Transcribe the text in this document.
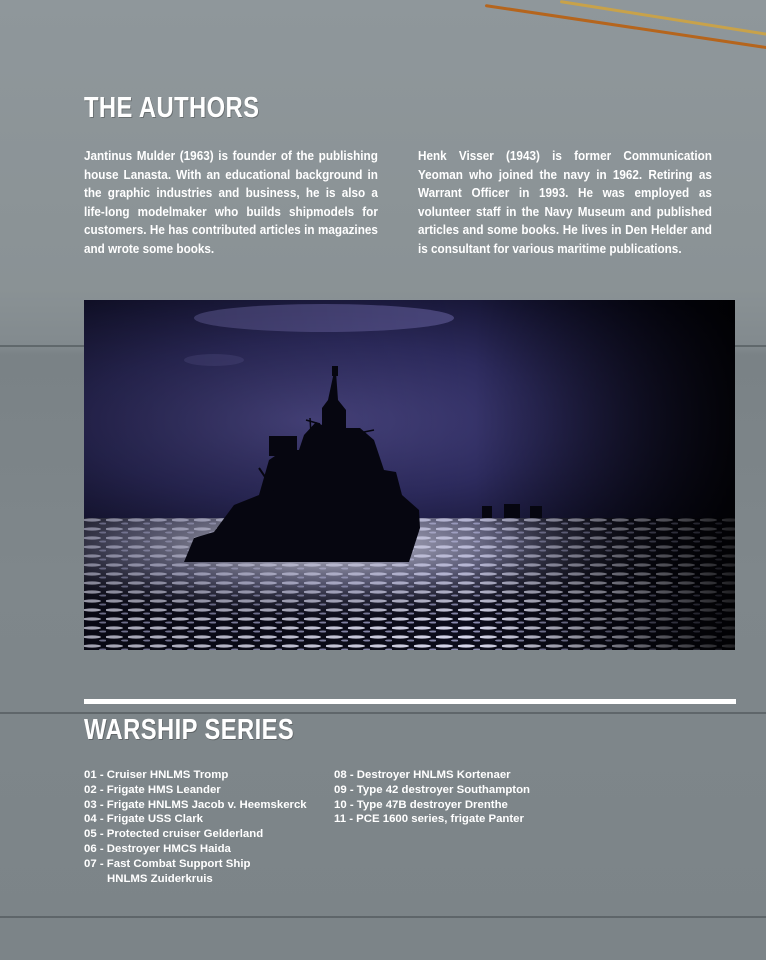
THE AUTHORS

Jantinus Mulder (1963) is founder of the publishing house Lanasta. With an educational background in the graphic industries and business, he is also a life-long modelmaker who builds shipmodels for customers. He has contributed articles in magazines and wrote some books.

Henk Visser (1943) is former Communication Yeoman who joined the navy in 1962. Retiring as Warrant Officer in 1993. He was employed as volunteer staff in the Navy Museum and published articles and some books. He lives in Den Helder and is consultant for various maritime publications.

WARSHIP SERIES
01 - Cruiser HNLMS Tromp
02 - Frigate HMS Leander
03 - Frigate HNLMS Jacob v. Heemskerck
04 - Frigate USS Clark
05 - Protected cruiser Gelderland
06 - Destroyer HMCS Haida
07 - Fast Combat Support Ship
HNLMS Zuiderkruis
08 - Destroyer HNLMS Kortenaer
09 - Type 42 destroyer Southampton
10 - Type 47B destroyer Drenthe
11 - PCE 1600 series, frigate Panter
